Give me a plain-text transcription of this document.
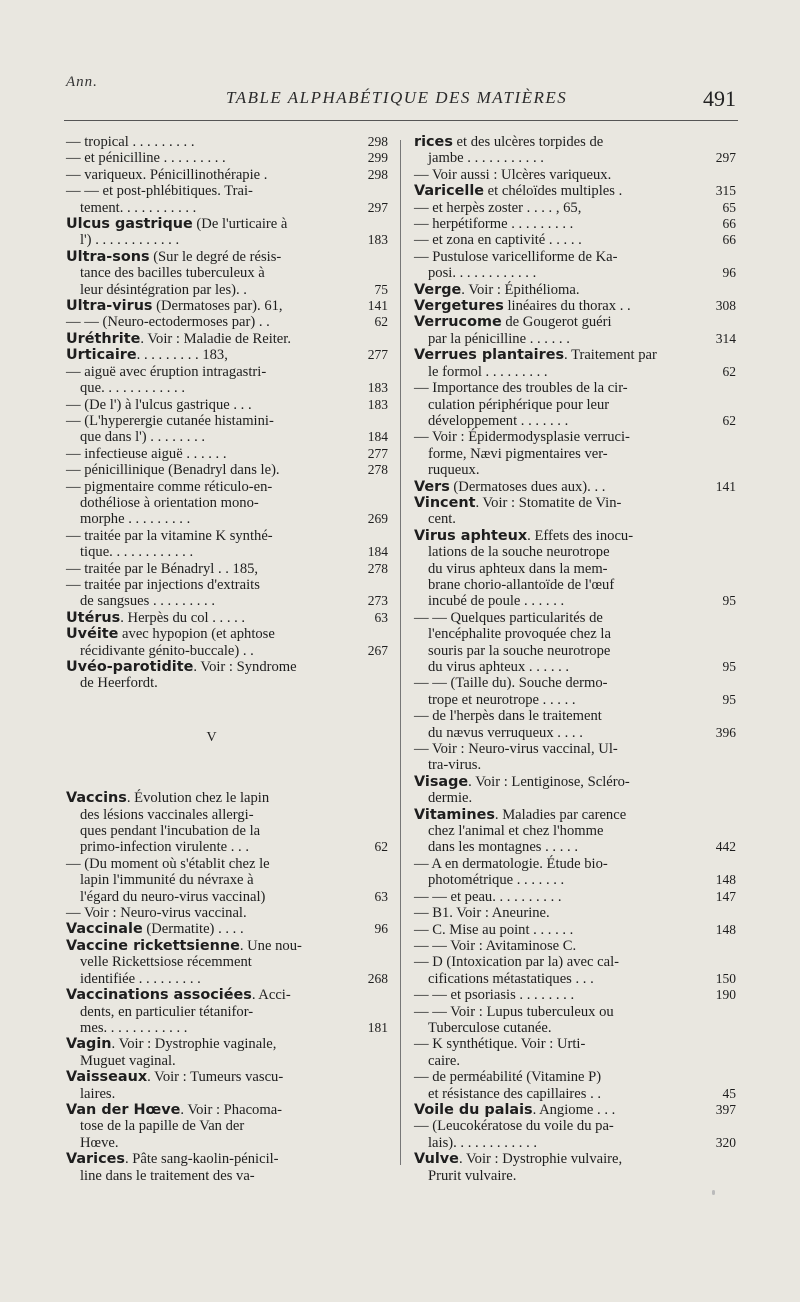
Ann.
TABLE ALPHABÉTIQUE DES MATIÈRES	491
— tropical . . . . . . . . .	298
— et pénicilline . . . . . . . . .	299
— variqueux. Pénicillinothérapie .	298
— — et post-phlébitiques. Trai-
tement. . . . . . . . . . .	297
Ulcus gastrique (De l'urticaire à
l') . . . . . . . . . . . .	183
Ultra-sons (Sur le degré de résis-
tance des bacilles tuberculeux à
leur désintégration par les). .	75
Ultra-virus (Dermatoses par). 61,	141
— — (Neuro-ectodermoses par) . .	62
Uréthrite. Voir : Maladie de Reiter.
Urticaire. . . . . . . . . 183,	277
— aiguë avec éruption intragastri-
que. . . . . . . . . . . .	183
— (De l') à l'ulcus gastrique . . .	183
— (L'hyperergie cutanée histamini-
que dans l') . . . . . . . .	184
— infectieuse aiguë . . . . . .	277
— pénicillinique (Benadryl dans le).	278
— pigmentaire comme réticulo-en-
dothéliose à orientation mono-
morphe . . . . . . . . .	269
— traitée par la vitamine K synthé-
tique. . . . . . . . . . . .	184
— traitée par le Bénadryl . . 185,	278
— traitée par injections d'extraits
de sangsues . . . . . . . . .	273
Utérus. Herpès du col . . . . .	63
Uvéite avec hypopion (et aphtose
récidivante génito-buccale) . .	267
Uvéo-parotidite. Voir : Syndrome
de Heerfordt.
V
Vaccins. Évolution chez le lapin
des lésions vaccinales allergi-
ques pendant l'incubation de la
primo-infection virulente . . .	62
— (Du moment où s'établit chez le
lapin l'immunité du névraxe à
l'égard du neuro-virus vaccinal)	63
— Voir : Neuro-virus vaccinal.
Vaccinale (Dermatite) . . . .	96
Vaccine rickettsienne. Une nou-
velle Rickettsiose récemment
identifiée . . . . . . . . .	268
Vaccinations associées. Acci-
dents, en particulier tétanifor-
mes. . . . . . . . . . . .	181
Vagin. Voir : Dystrophie vaginale,
Muguet vaginal.
Vaisseaux. Voir : Tumeurs vascu-
laires.
Van der Hœve. Voir : Phacoma-
tose de la papille de Van der
Hœve.
Varices. Pâte sang-kaolin-pénicil-
line dans le traitement des va-
rices et des ulcères torpides de
jambe . . . . . . . . . . .	297
— Voir aussi : Ulcères variqueux.
Varicelle et chéloïdes multiples .	315
— et herpès zoster . . . . , 65,	65
— herpétiforme . . . . . . . . .	66
— et zona en captivité . . . . .	66
— Pustulose varicelliforme de Ka-
posi. . . . . . . . . . . .	96
Verge. Voir : Épithélioma.
Vergetures linéaires du thorax . .	308
Verrucome de Gougerot guéri
par la pénicilline . . . . . .	314
Verrues plantaires. Traitement par
le formol . . . . . . . . .	62
— Importance des troubles de la cir-
culation périphérique pour leur
développement . . . . . . .	62
— Voir : Épidermodysplasie verruci-
forme, Nævi pigmentaires ver-
ruqueux.
Vers (Dermatoses dues aux). . .	141
Vincent. Voir : Stomatite de Vin-
cent.
Virus aphteux. Effets des inocu-
lations de la souche neurotrope
du virus aphteux dans la mem-
brane chorio-allantoïde de l'œuf
incubé de poule . . . . . .	95
— — Quelques particularités de
l'encéphalite provoquée chez la
souris par la souche neurotrope
du virus aphteux . . . . . .	95
— — (Taille du). Souche dermo-
trope et neurotrope . . . . .	95
— de l'herpès dans le traitement
du nævus verruqueux . . . .	396
— Voir : Neuro-virus vaccinal, Ul-
tra-virus.
Visage. Voir : Lentiginose, Scléro-
dermie.
Vitamines. Maladies par carence
chez l'animal et chez l'homme
dans les montagnes . . . . .	442
— A en dermatologie. Étude bio-
photométrique . . . . . . .	148
— — et peau. . . . . . . . . .	147
— B1. Voir : Aneurine.
— C. Mise au point . . . . . .	148
— — Voir : Avitaminose C.
— D (Intoxication par la) avec cal-
cifications métastatiques . . .	150
— — et psoriasis . . . . . . . .	190
— — Voir : Lupus tuberculeux ou
Tuberculose cutanée.
— K synthétique. Voir : Urti-
caire.
— de perméabilité (Vitamine P)
et résistance des capillaires . .	45
Voile du palais. Angiome . . .	397
— (Leucokératose du voile du pa-
lais). . . . . . . . . . . .	320
Vulve. Voir : Dystrophie vulvaire,
Prurit vulvaire.
